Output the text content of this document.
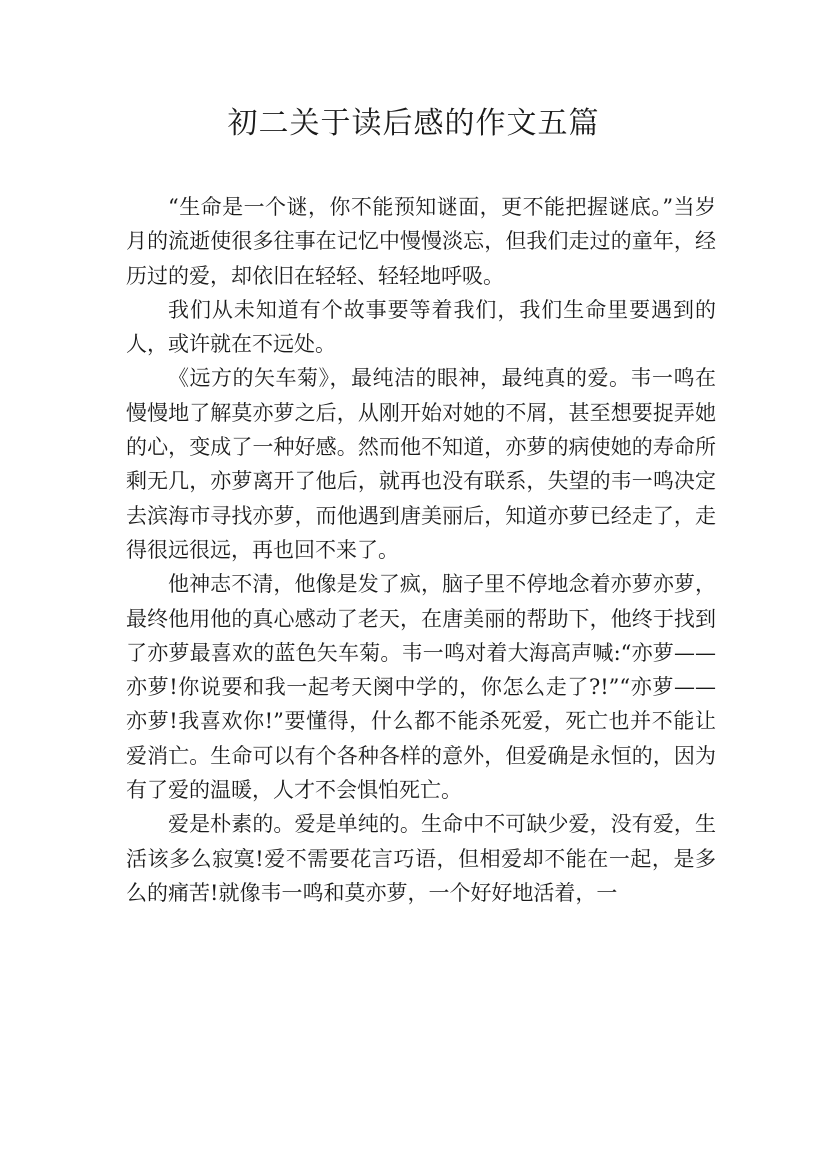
初二关于读后感的作文五篇

“生命是一个谜，你不能预知谜面，更不能把握谜底。”当岁月的流逝使很多往事在记忆中慢慢淡忘，但我们走过的童年，经历过的爱，却依旧在轻轻、轻轻地呼吸。

我们从未知道有个故事要等着我们，我们生命里要遇到的人，或许就在不远处。

《远方的矢车菊》，最纯洁的眼神，最纯真的爱。韦一鸣在慢慢地了解莫亦萝之后，从刚开始对她的不屑，甚至想要捉弄她的心，变成了一种好感。然而他不知道，亦萝的病使她的寿命所剩无几，亦萝离开了他后，就再也没有联系，失望的韦一鸣决定去滨海市寻找亦萝，而他遇到唐美丽后，知道亦萝已经走了，走得很远很远，再也回不来了。

他神志不清，他像是发了疯，脑子里不停地念着亦萝亦萝，最终他用他的真心感动了老天，在唐美丽的帮助下，他终于找到了亦萝最喜欢的蓝色矢车菊。韦一鸣对着大海高声喊:“亦萝——亦萝!你说要和我一起考天阕中学的，你怎么走了?!”“亦萝——亦萝!我喜欢你!”要懂得，什么都不能杀死爱，死亡也并不能让爱消亡。生命可以有个各种各样的意外，但爱确是永恒的，因为有了爱的温暖，人才不会惧怕死亡。

爱是朴素的。爱是单纯的。生命中不可缺少爱，没有爱，生活该多么寂寞!爱不需要花言巧语，但相爱却不能在一起，是多么的痛苦!就像韦一鸣和莫亦萝，一个好好地活着，一
